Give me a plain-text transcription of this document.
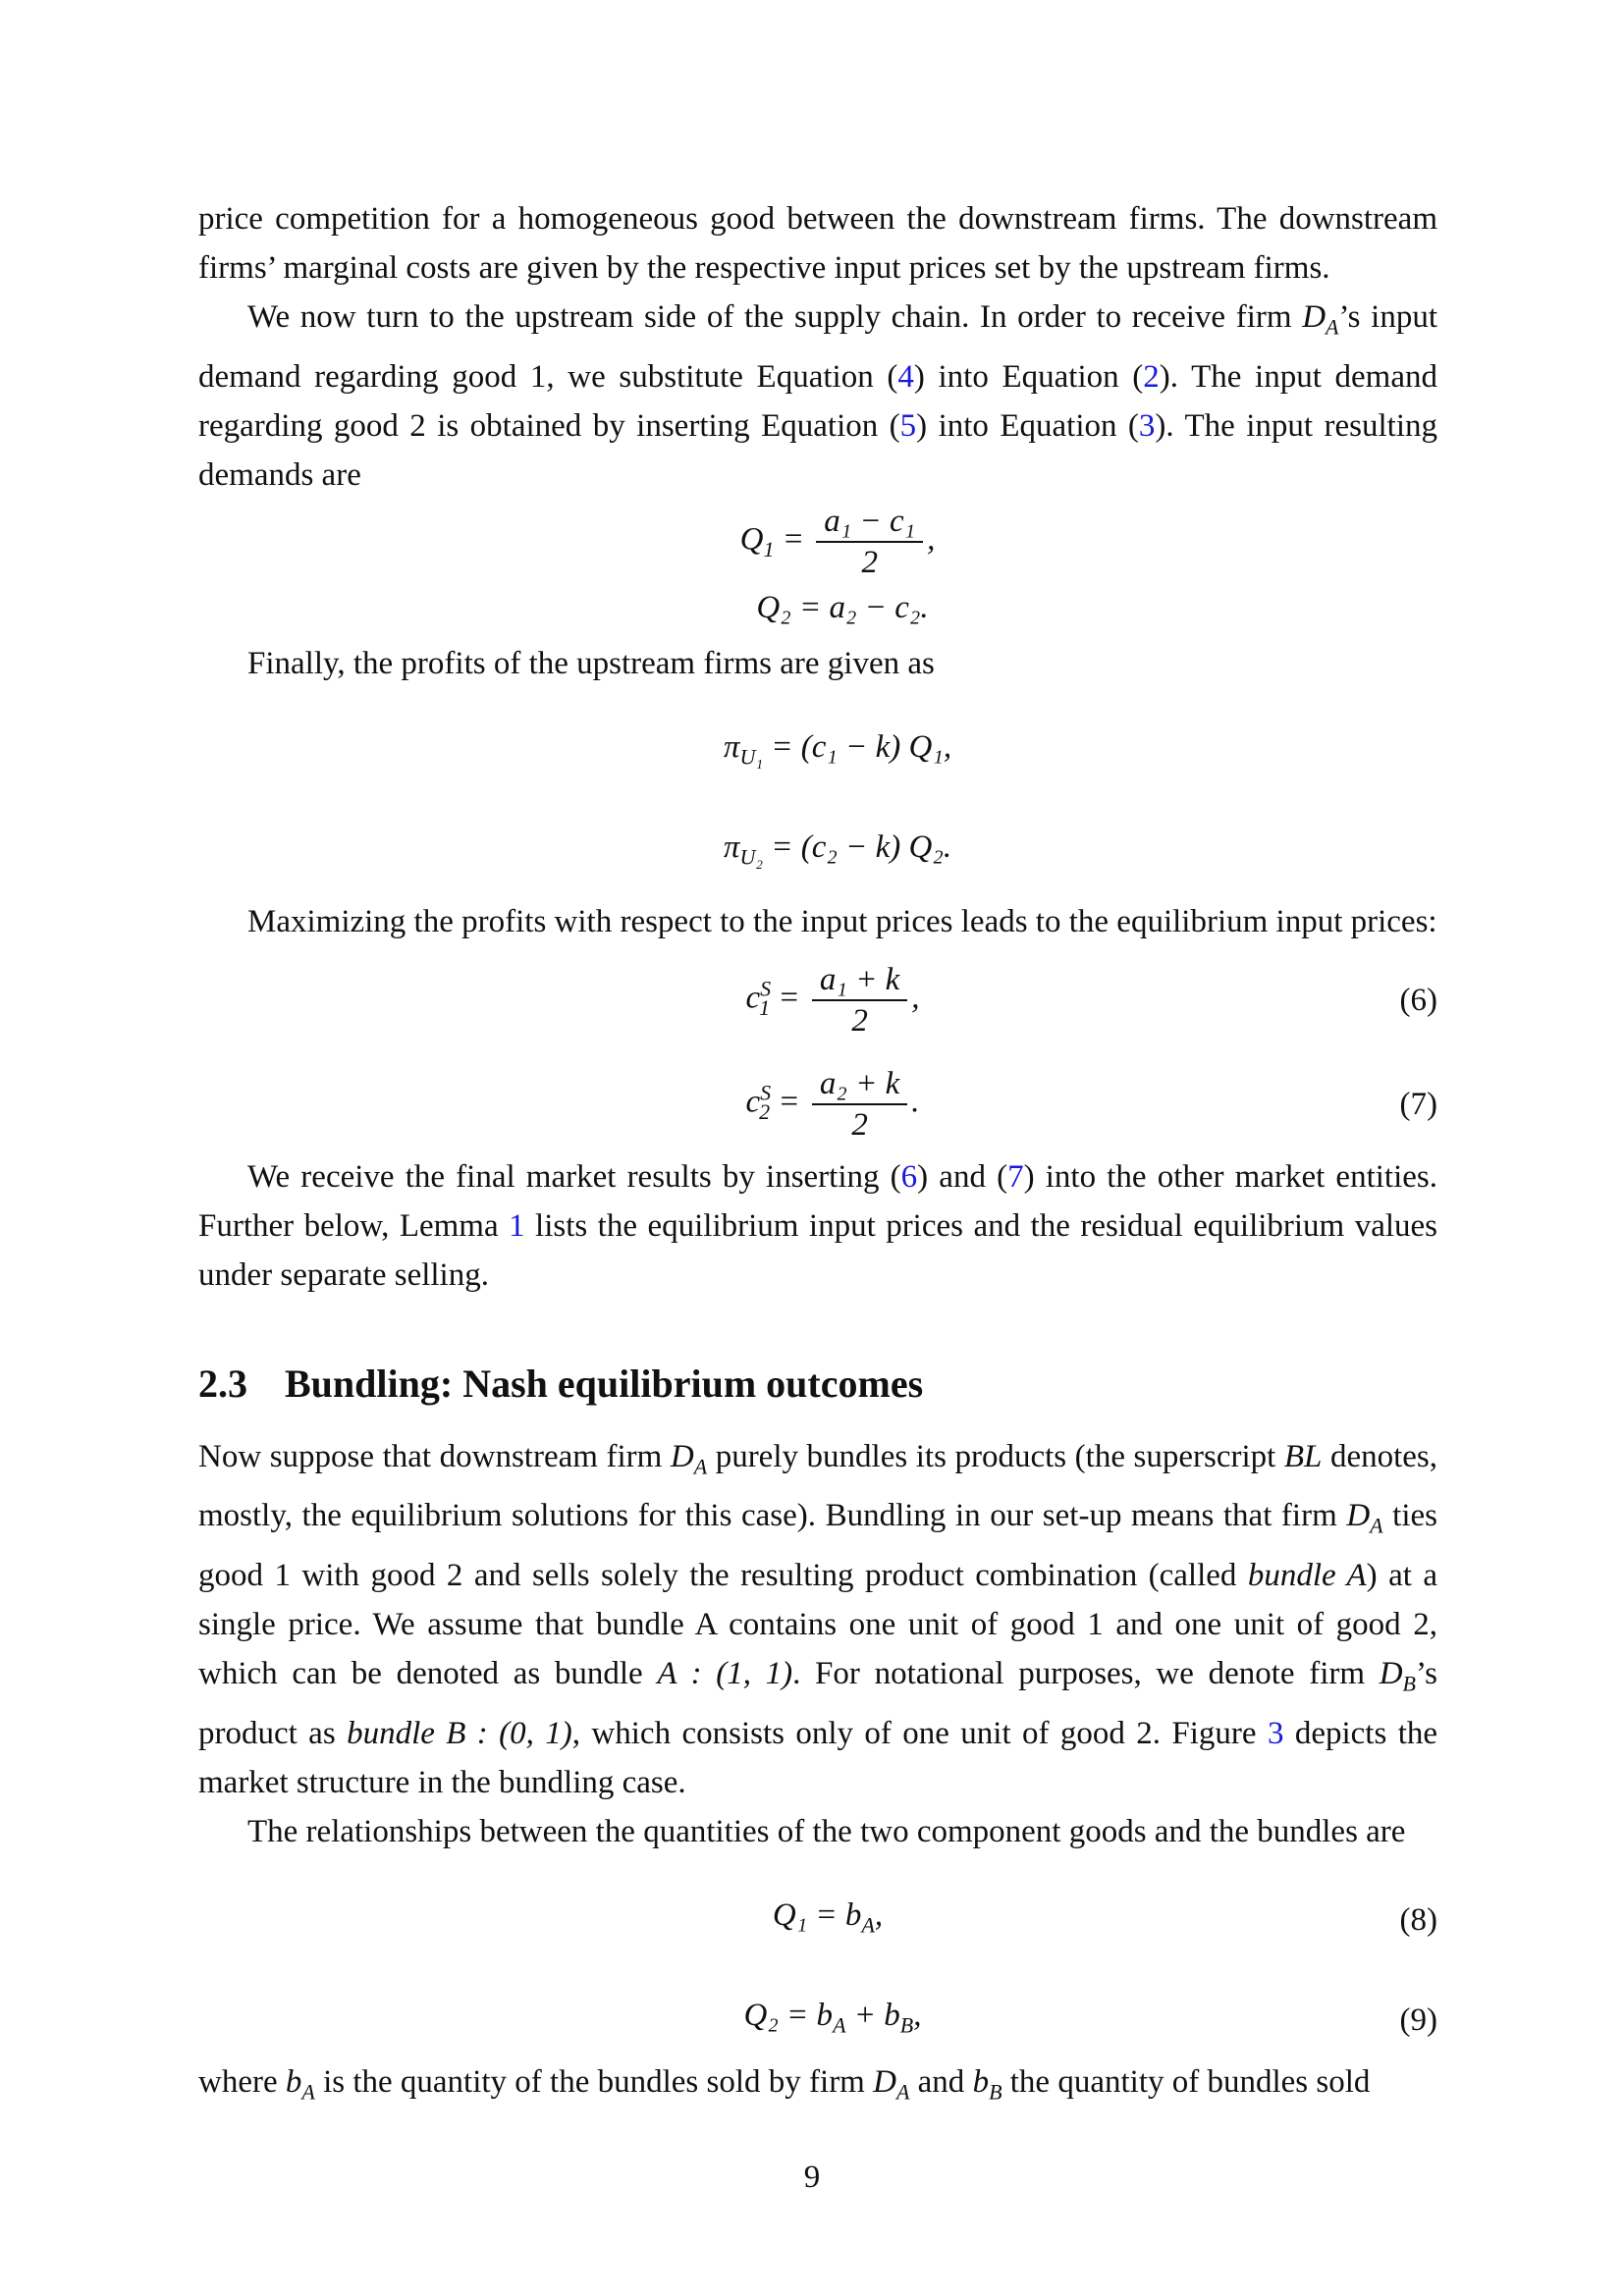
price competition for a homogeneous good between the downstream firms. The downstream firms’ marginal costs are given by the respective input prices set by the upstream firms.

We now turn to the upstream side of the supply chain. In order to receive firm $D_A’s$ input demand regarding good 1, we substitute Equation (4) into Equation (2). The input demand regarding good 2 is obtained by inserting Equation (5) into Equation (3). The input resulting demands are

$Q_1 = \frac{\text{a₁ − c₁}}{2}$ ,
Q₂ = a₂ − c₂.

Finally, the profits of the upstream firms are given as

$\pi_{U_1} = (c_1 - k)$ Q₁,
$\pi_{U_2} = (c_2 - k)$ Q₂.

Maximizing the profits with respect to the input prices leads to the equilibrium input prices:

$c^S_1 = \frac{\text{a₁ + k}}{2}$ ,	(6)
$c^S_2 = \frac{\text{a₂ + k}}{2}$ .	(7)

We receive the final market results by inserting (6) and (7) into the other market entities. Further below, Lemma 1 lists the equilibrium input prices and the residual equilibrium values under separate selling.

2.3 Bundling: Nash equilibrium outcomes

Now suppose that downstream firm $D_A$ purely bundles its products (the superscript BL denotes, mostly, the equilibrium solutions for this case). Bundling in our set-up means that firm $D_A$ ties good 1 with good 2 and sells solely the resulting product combination (called bundle A) at a single price. We assume that bundle A contains one unit of good 1 and one unit of good 2, which can be denoted as bundle A : (1, 1). For notational purposes, we denote firm $D_B’s$ product as bundle B : (0, 1), which consists only of one unit of good 2. Figure 3 depicts the market structure in the bundling case.

The relationships between the quantities of the two component goods and the bundles are

$Q_1 = b_A$,	(8)
$Q_2 = b_A + b_B$,	(9)

where $b_A$ is the quantity of the bundles sold by firm $D_A$ and $b_B$ the quantity of bundles sold

9
